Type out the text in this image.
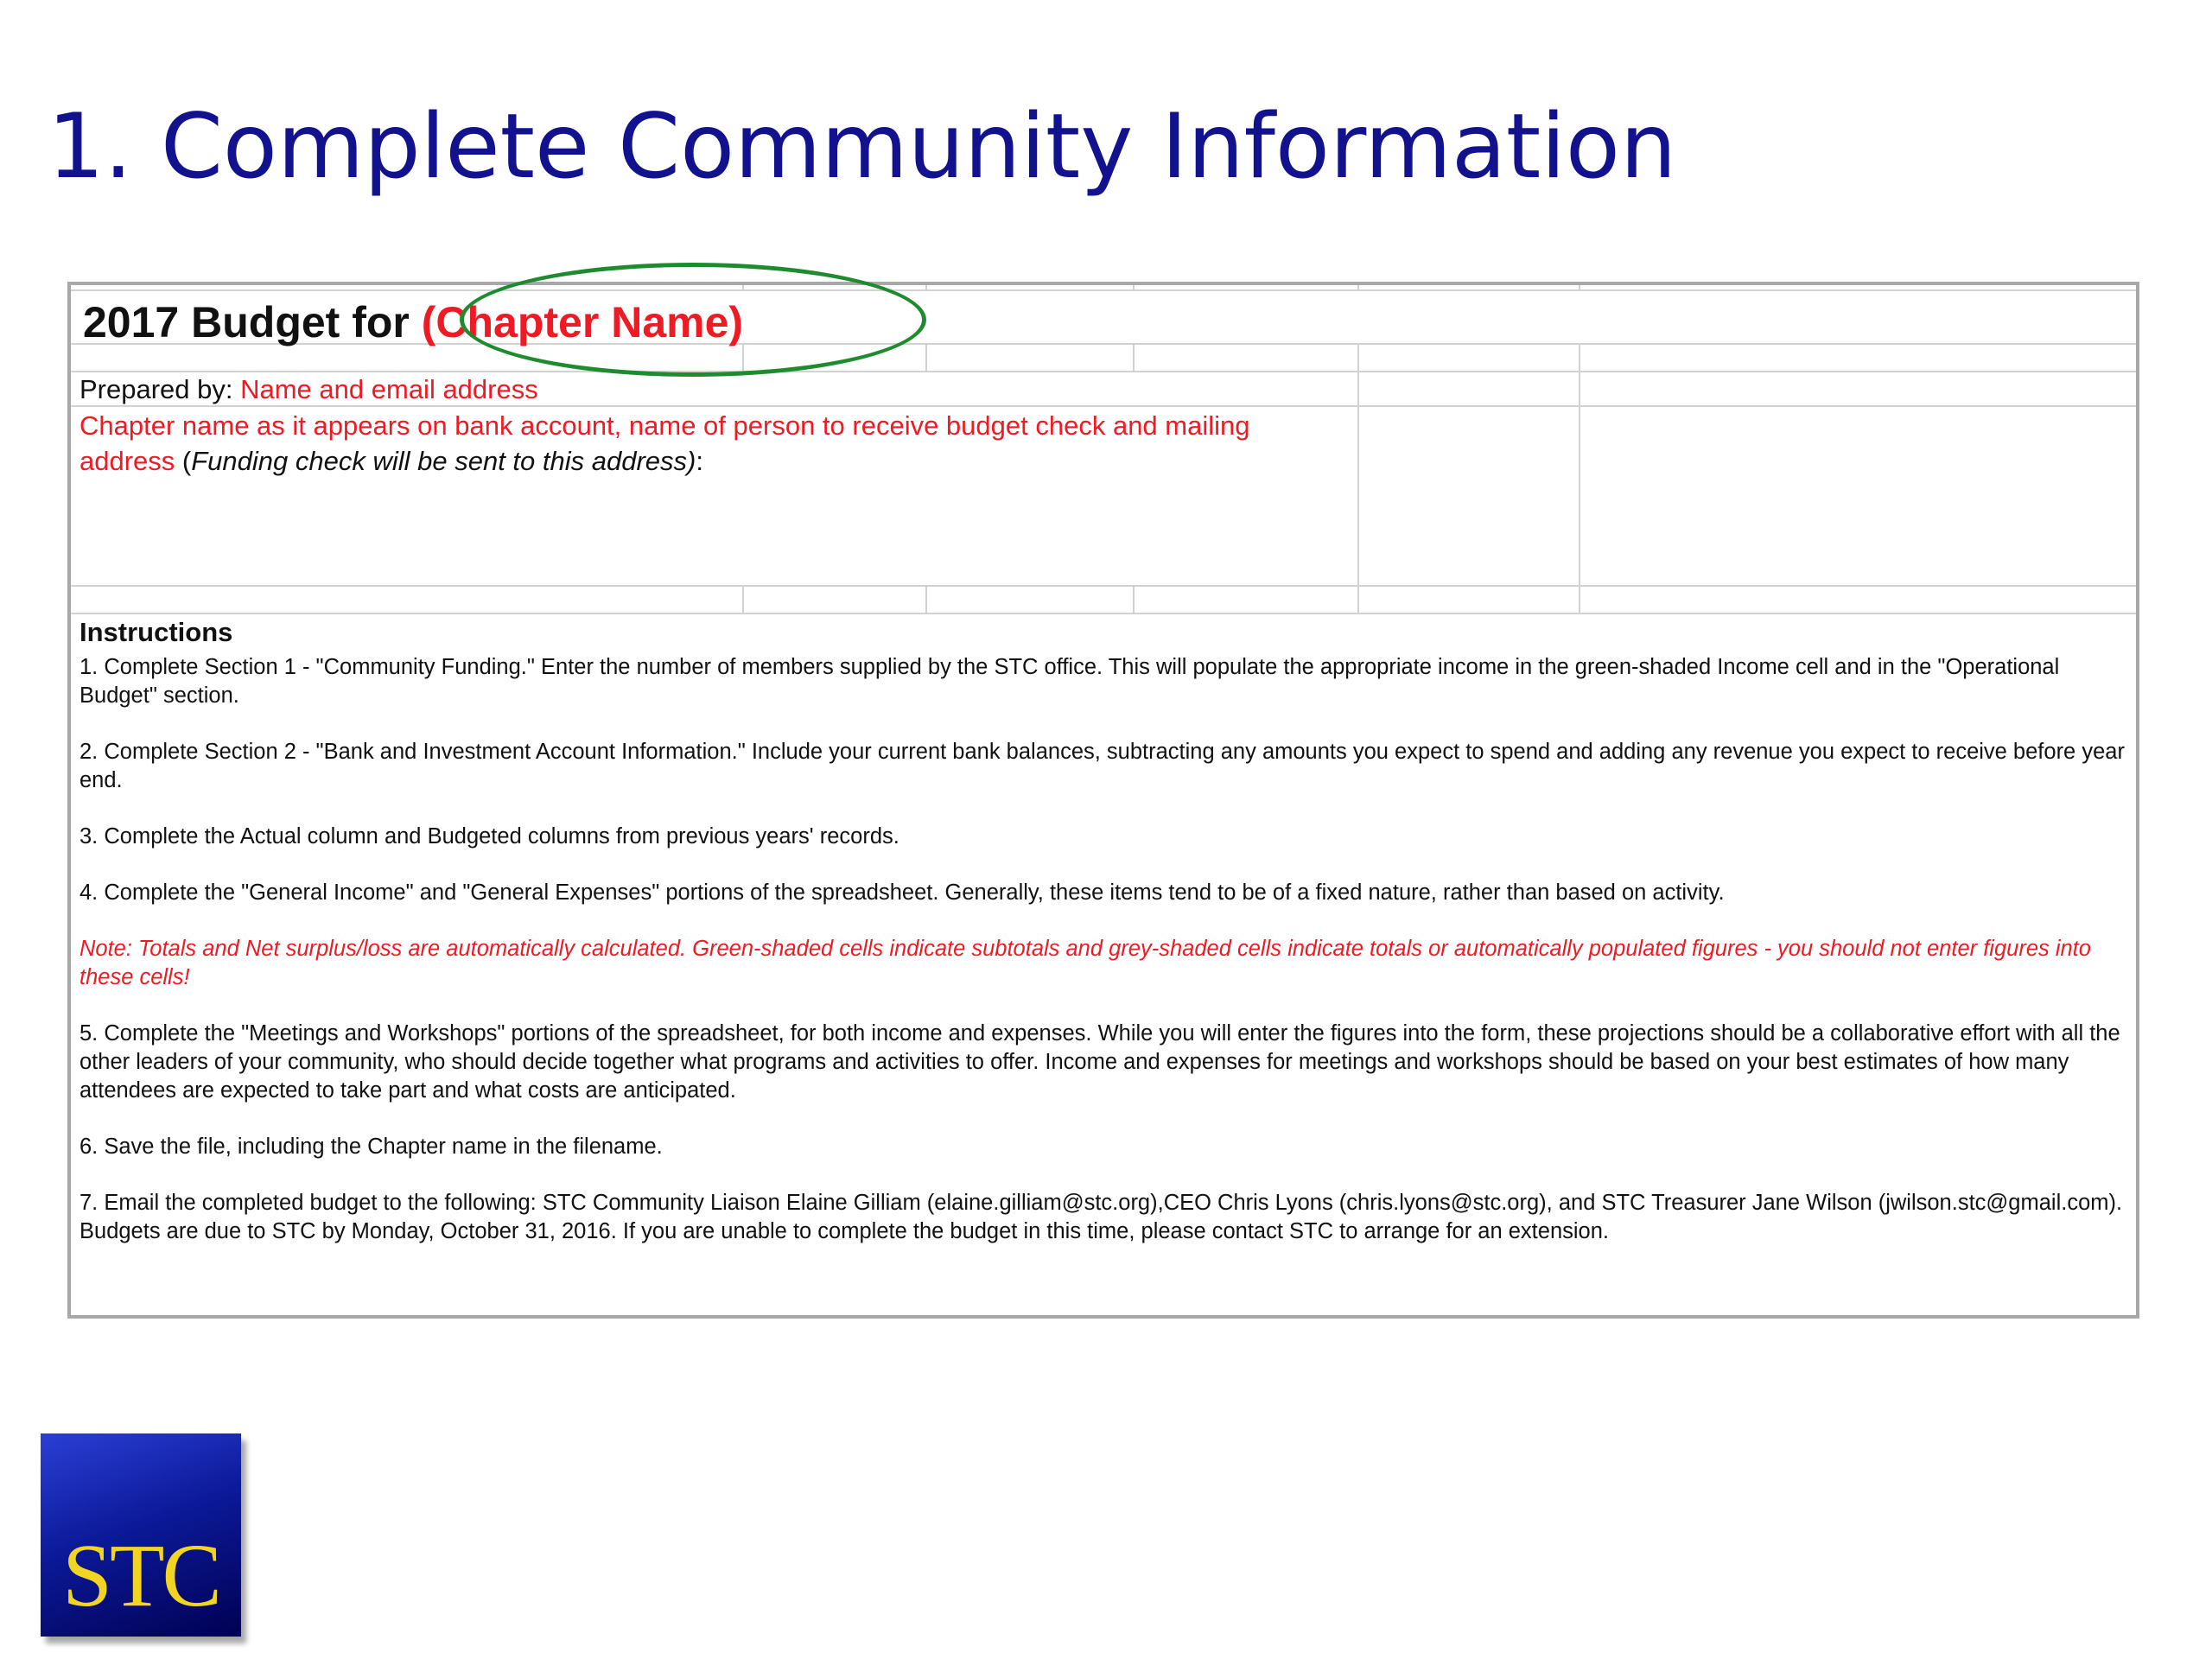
1. Complete Community Information
2017 Budget for (Chapter Name)
Prepared by: Name and email address
Chapter name as it appears on bank account, name of person to receive budget check and mailing address (Funding check will be sent to this address):
Instructions

1. Complete Section 1 - "Community Funding." Enter the number of members supplied by the STC office. This will populate the appropriate income in the green-shaded Income cell and in the "Operational Budget" section.

2. Complete Section 2 - "Bank and Investment Account Information." Include your current bank balances, subtracting any amounts you expect to spend and adding any revenue you expect to receive before year end.

3. Complete the Actual column and Budgeted columns from previous years' records.

4. Complete the "General Income" and "General Expenses" portions of the spreadsheet. Generally, these items tend to be of a fixed nature, rather than based on activity.

Note: Totals and Net surplus/loss are automatically calculated. Green-shaded cells indicate subtotals and grey-shaded cells indicate totals or automatically populated figures - you should not enter figures into these cells!

5. Complete the "Meetings and Workshops" portions of the spreadsheet, for both income and expenses. While you will enter the figures into the form, these projections should be a collaborative effort with all the other leaders of your community, who should decide together what programs and activities to offer. Income and expenses for meetings and workshops should be based on your best estimates of how many attendees are expected to take part and what costs are anticipated.

6. Save the file, including the Chapter name in the filename.

7. Email the completed budget to the following: STC Community Liaison Elaine Gilliam (elaine.gilliam@stc.org),CEO Chris Lyons (chris.lyons@stc.org), and STC Treasurer Jane Wilson (jwilson.stc@gmail.com). Budgets are due to STC by Monday, October 31, 2016. If you are unable to complete the budget in this time, please contact STC to arrange for an extension.

STC
